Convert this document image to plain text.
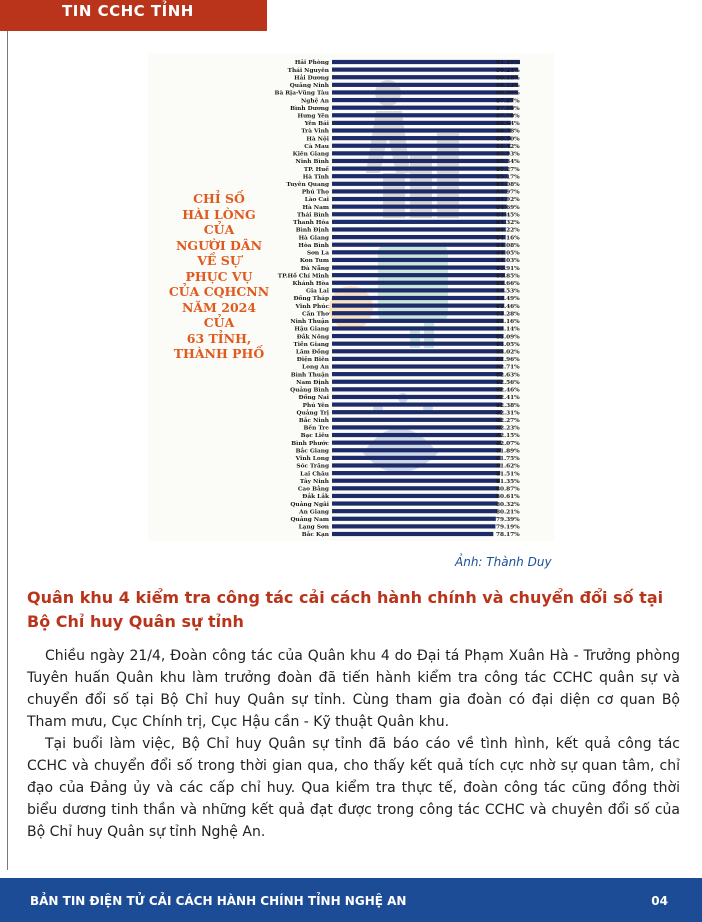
TIN CCHC TỈNH
CHỈ SỐ
HÀI LÒNG
CỦA
NGƯỜI DÂN
VỀ SỰ
PHỤC VỤ
CỦA CQHCNN
NĂM 2024
CỦA
63 TỈNH,
THÀNH PHỐ
Hải Phòng	91.10%
Thái Nguyên	90.23%
Hải Dương	90.18%
Quảng Ninh	90.12%
Bà Rịa-Vũng Tàu	90.09%
Nghệ An	87.87%
Bình Dương	87.80%
Hưng Yên	87.70%
Yên Bái	86.64%
Trà Vinh	86.58%
Hà Nội	86.50%
Cà Mau	86.42%
Kiên Giang	85.93%
Ninh Bình	85.34%
TP. Huế	85.27%
Hà Tĩnh	85.17%
Tuyên Quang	85.08%
Phú Thọ	84.97%
Lào Cai	84.92%
Hà Nam	84.69%
Thái Bình	84.45%
Thanh Hóa	84.32%
Bình Định	84.22%
Hà Giang	84.16%
Hòa Bình	84.08%
Sơn La	84.05%
Kon Tum	84.03%
Đà Nẵng	83.91%
TP.Hồ Chí Minh	83.85%
Khánh Hòa	83.66%
Gia Lai	83.53%
Đồng Tháp	83.49%
Vĩnh Phúc	83.46%
Cần Thơ	83.28%
Ninh Thuận	83.16%
Hậu Giang	83.14%
Đắk Nông	83.09%
Tiền Giang	83.05%
Lâm Đồng	83.02%
Điện Biên	82.96%
Long An	82.71%
Bình Thuận	82.63%
Nam Định	82.56%
Quảng Bình	82.46%
Đồng Nai	82.41%
Phú Yên	82.38%
Quảng Trị	82.31%
Bắc Ninh	82.27%
Bến Tre	82.23%
Bạc Liêu	82.15%
Bình Phước	82.07%
Bắc Giang	81.89%
Vĩnh Long	81.75%
Sóc Trăng	81.62%
Lai Châu	81.51%
Tây Ninh	81.35%
Cao Bằng	80.87%
Đắk Lắk	80.61%
Quảng Ngãi	80.32%
An Giang	80.21%
Quảng Nam	79.39%
Lạng Sơn	79.19%
Bắc Kạn	78.17%
Ảnh: Thành Duy
Quân khu 4 kiểm tra công tác cải cách hành chính và chuyển đổi số tại Bộ Chỉ huy Quân sự tỉnh

Chiều ngày 21/4, Đoàn công tác của Quân khu 4 do Đại tá Phạm Xuân Hà - Trưởng phòng Tuyên huấn Quân khu làm trưởng đoàn đã tiến hành kiểm tra công tác CCHC quân sự và chuyển đổi số tại Bộ Chỉ huy Quân sự tỉnh. Cùng tham gia đoàn có đại diện cơ quan Bộ Tham mưu, Cục Chính trị, Cục Hậu cần - Kỹ thuật Quân khu.

Tại buổi làm việc, Bộ Chỉ huy Quân sự tỉnh đã báo cáo về tình hình, kết quả công tác CCHC và chuyển đổi số trong thời gian qua, cho thấy kết quả tích cực nhờ sự quan tâm, chỉ đạo của Đảng ủy và các cấp chỉ huy. Qua kiểm tra thực tế, đoàn công tác cũng đồng thời biểu dương tinh thần và những kết quả đạt được trong công tác CCHC và chuyên đổi số của Bộ Chỉ huy Quân sự tỉnh Nghệ An.

BẢN TIN ĐIỆN TỬ CẢI CÁCH HÀNH CHÍNH TỈNH NGHỆ AN	04
